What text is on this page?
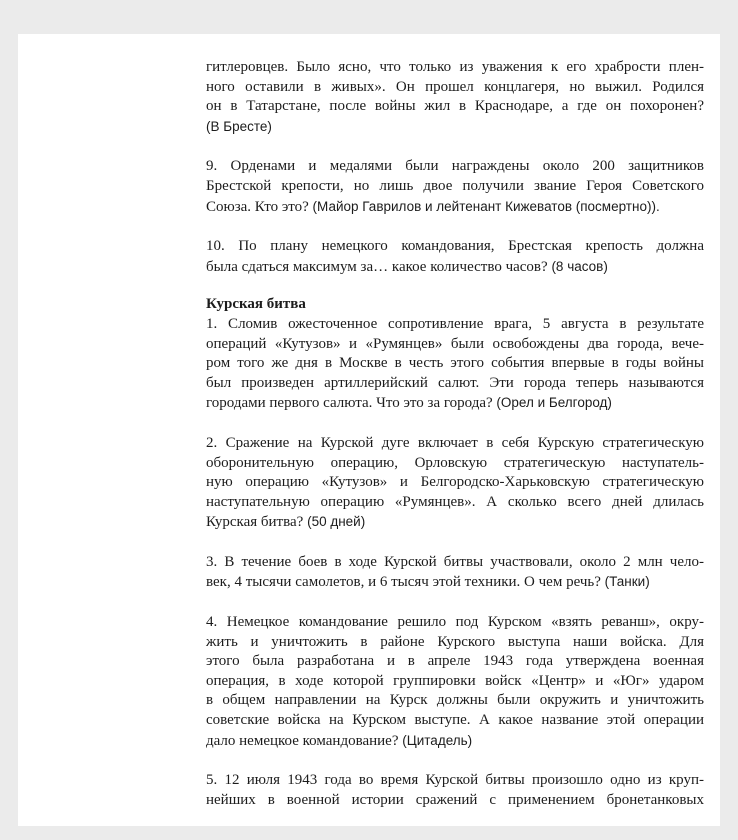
гитлеровцев. Было ясно, что только из уважения к его храбрости плен-
ного оставили в живых». Он прошел концлагеря, но выжил. Родился
он в Татарстане, после войны жил в Краснодаре, а где он похоронен?
(В Бресте)
9. Орденами и медалями были награждены около 200 защитников
Брестской крепости, но лишь двое получили звание Героя Советского
Союза. Кто это? (Майор Гаврилов и лейтенант Кижеватов (посмертно)).
10. По плану немецкого командования, Брестская крепость должна
была сдаться максимум за… какое количество часов? (8 часов)
Курская битва
1. Сломив ожесточенное сопротивление врага, 5 августа в результате
операций «Кутузов» и «Румянцев» были освобождены два города, вече-
ром того же дня в Москве в честь этого события впервые в годы войны
был произведен артиллерийский салют. Эти города теперь называются
городами первого салюта. Что это за города? (Орел и Белгород)
2. Сражение на Курской дуге включает в себя Курскую стратегическую
оборонительную операцию, Орловскую стратегическую наступатель-
ную операцию «Кутузов» и Белгородско-Харьковскую стратегическую
наступательную операцию «Румянцев». А сколько всего дней длилась
Курская битва? (50 дней)
3. В течение боев в ходе Курской битвы участвовали, около 2 млн чело-
век, 4 тысячи самолетов, и 6 тысяч этой техники. О чем речь? (Танки)
4. Немецкое командование решило под Курском «взять реванш», окру-
жить и уничтожить в районе Курского выступа наши войска. Для
этого была разработана и в апреле 1943 года утверждена военная
операция, в ходе которой группировки войск «Центр» и «Юг» ударом
в общем направлении на Курск должны были окружить и уничтожить
советские войска на Курском выступе. А какое название этой операции
дало немецкое командование? (Цитадель)
5. 12 июля 1943 года во время Курской битвы произошло одно из круп-
нейших в военной истории сражений с применением бронетанковых
